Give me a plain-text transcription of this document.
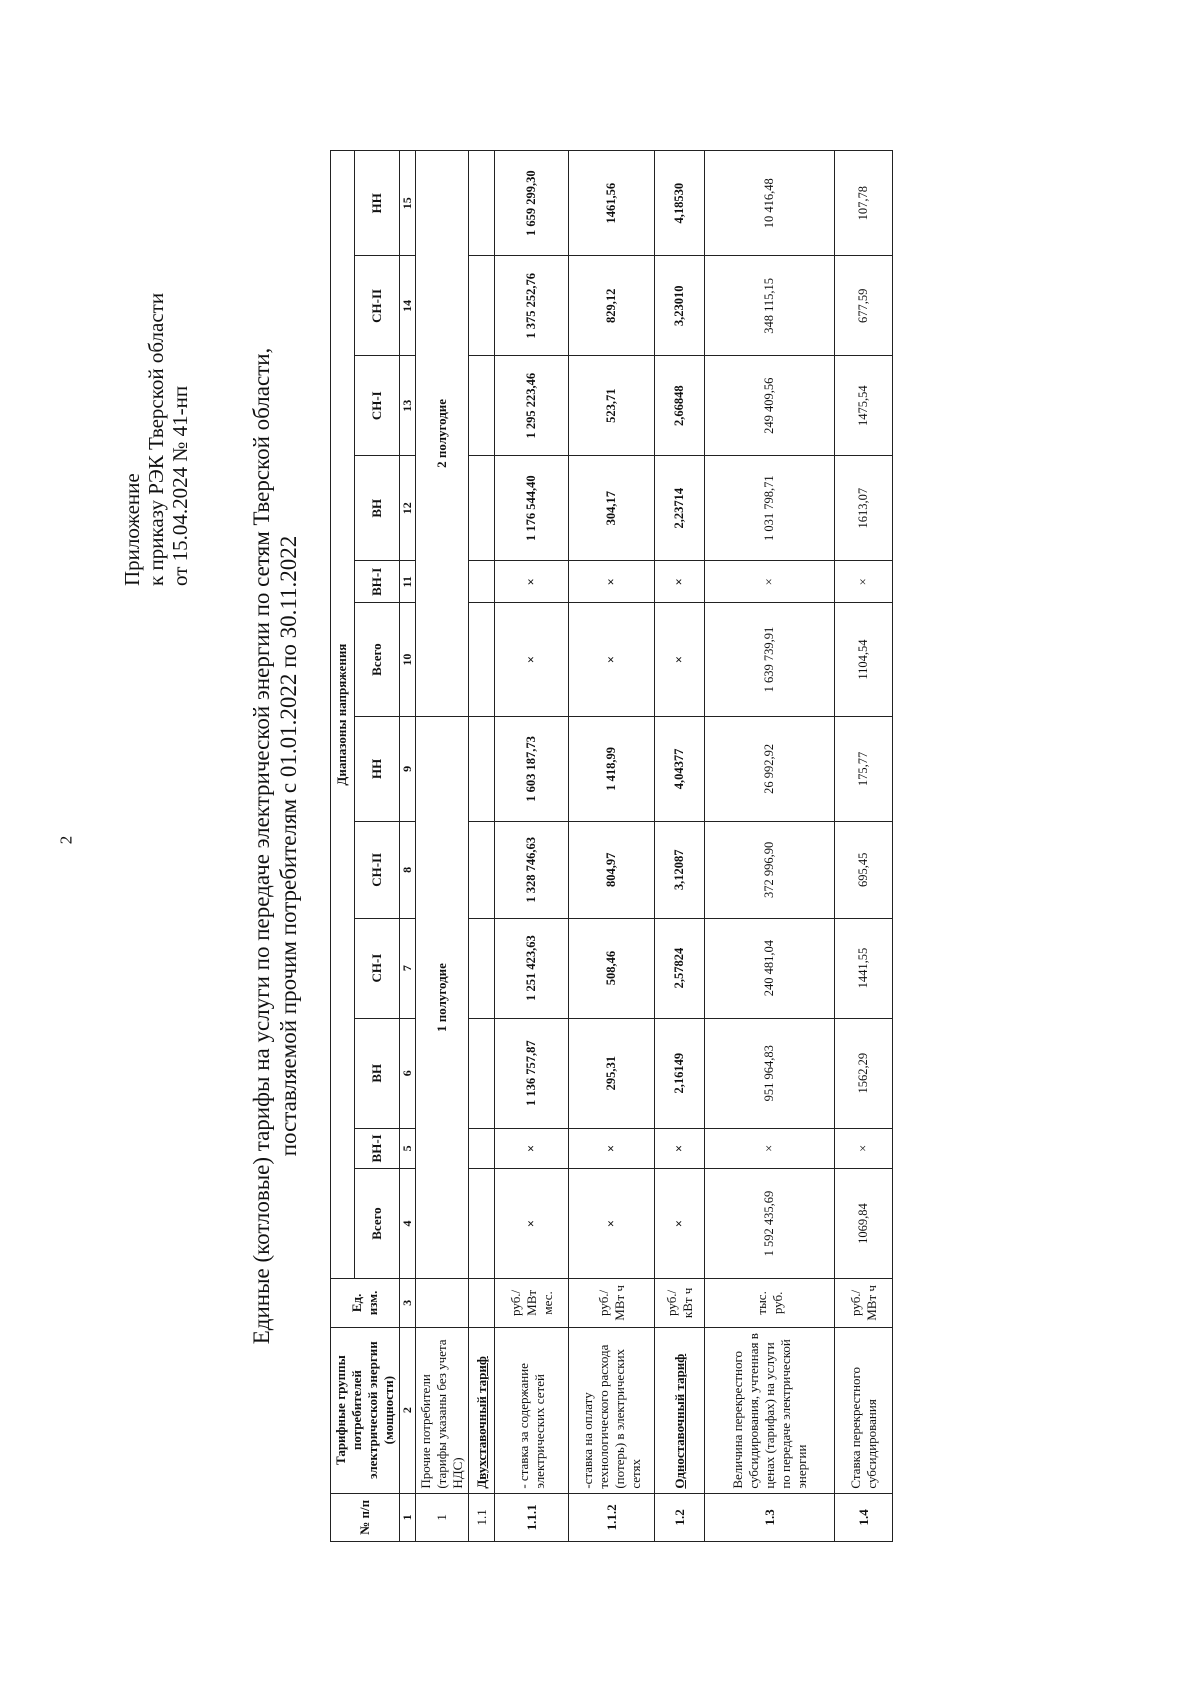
2
Приложение к приказу РЭК Тверской области от 15.04.2024 № 41-нп Единые (котловые) тарифы на услуги по передаче электрической энергии по сетям Тверской области, поставляемой прочим потребителям с 01.01.2022 по 30.11.2022
№ п/п	Тарифные группы потребителей электрической энергии (мощности)	Ед. изм.	Диапазоны напряжения											
			Всего	ВН-I	ВН	СН-I	СН-II	НН	Всего	ВН-I	ВН	СН-I	СН-II	НН
1	2	3	4	5	6	7	8	9	10	11	12	13	14	15
1	Прочие потребители (тарифы указаны без учета НДС)		1 полугодие						2 полугодие					
1.1	Двухставочный тариф													
1.1.1	- ставка за содержание электрических сетей	руб./ МВт мес.	×	×	1 136 757,87	1 251 423,63	1 328 746,63	1 603 187,73	×	×	1 176 544,40	1 295 223,46	1 375 252,76	1 659 299,30
1.1.2	-ставка на оплату технологического расхода (потерь) в электрических сетях	руб./ МВт ч	×	×	295,31	508,46	804,97	1 418,99	×	×	304,17	523,71	829,12	1461,56
1.2	Одноставочный тариф	руб./ кВт ч	×	×	2,16149	2,57824	3,12087	4,04377	×	×	2,23714	2,66848	3,23010	4,18530
1.3	Величина перекрестного субсидирования, учтенная в ценах (тарифах) на услуги по передаче электрической энергии	тыс. руб.	1 592 435,69	×	951 964,83	240 481,04	372 996,90	26 992,92	1 639 739,91	×	1 031 798,71	249 409,56	348 115,15	10 416,48
1.4	Ставка перекрестного субсидирования	руб./ МВт ч	1069,84	×	1562,29	1441,55	695,45	175,77	1104,54	×	1613,07	1475,54	677,59	107,78
